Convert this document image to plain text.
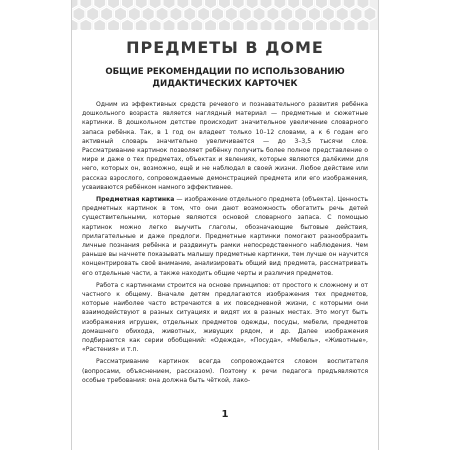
ПРЕДМЕТЫ В ДОМЕ
ОБЩИЕ РЕКОМЕНДАЦИИ ПО ИСПОЛЬЗОВАНИЮ ДИДАКТИЧЕСКИХ КАРТОЧЕК

Одним из эффективных средств речевого и познавательного развития ребёнка дошкольного возраста является наглядный материал — предметные и сюжетные картинки. В дошкольном детстве происходит значительное увеличение словарного запаса ребёнка. Так, в 1 год он владеет только 10–12 словами, а к 6 годам его активный словарь значительно увеличивается — до 3–3,5 тысячи слов. Рассматривание картинок позволяет ребёнку получить более полное представление о мире и даже о тех предметах, объектах и явлениях, которые являются далёкими для него, которых он, возможно, ещё и не наблюдал в своей жизни. Любое действие или рассказ взрослого, сопровождаемые демонстрацией предмета или его изображения, усваиваются ребёнком намного эффективнее.

Предметная картинка — изображение отдельного предмета (объекта). Ценность предметных картинок в том, что они дают возможность обогатить речь детей существительными, которые являются основой словарного запаса. С помощью картинок можно легко выучить глаголы, обозначающие бытовые действия, прилагательные и даже предлоги. Предметные картинки помогают разнообразить личные познания ребёнка и раздвинуть рамки непосредственного наблюдения. Чем раньше вы начнете показывать малышу предметные картинки, тем лучше он научится концентрировать своё внимание, анализировать общий вид предмета, рассматривать его отдельные части, а также находить общие черты и различия предметов.

Работа с картинками строится на основе принципов: от простого к сложному и от частного к общему. Вначале детям предлагаются изображения тех предметов, которые наиболее часто встречаются в их повседневной жизни, с которыми они взаимодействуют в разных ситуациях и видят их в разных местах. Это могут быть изображения игрушек, отдельных предметов одежды, посуды, мебели, предметов домашнего обихода, животных, живущих рядом, и др. Далее изображения подбираются как серии обобщений: «Одежда», «Посуда», «Мебель», «Животные», «Растения» и т.п.

Рассматривание картинок всегда сопровождается словом воспитателя (вопросами, объяснением, рассказом). Поэтому к речи педагога предъявляются особые требования: она должна быть чёткой, лако-

1
